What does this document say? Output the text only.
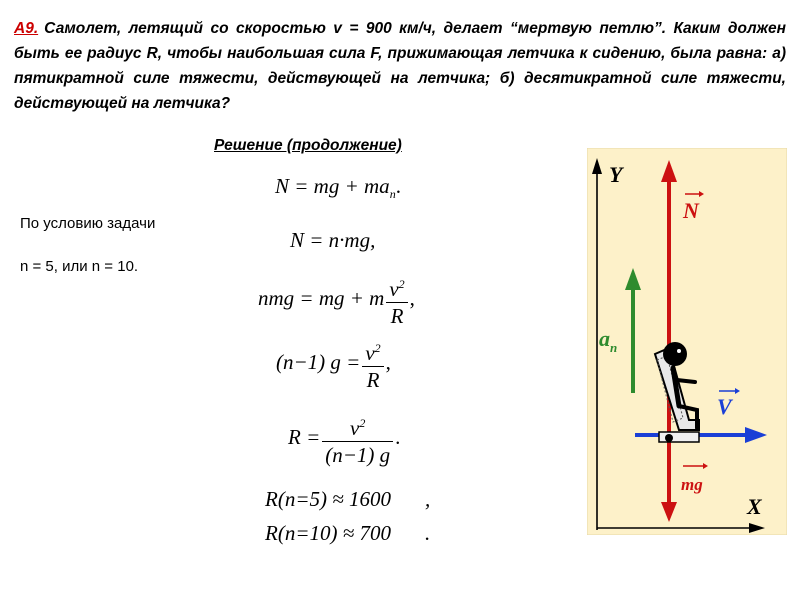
А9. Самолет, летящий со скоростью v = 900 км/ч, делает “мертвую петлю”. Каким должен быть ее радиус R, чтобы наибольшая сила F, прижимающая летчика к сидению, была равна: а) пятикратной силе тяжести, действующей на летчика; б) десятикратной силе тяжести, действующей на летчика?
Решение (продолжение)
По условию задачи
n = 5, или n = 10.
N = mg + $ma_n$.
N = n·mg,
nmg = mg + m $\frac{v^2}{R}$ ,
(n−1) $g = \frac{v^2}{R}$ ,
$R = \frac{v^2}{(n-1) g}$ .
R(n=5) ≈ 1600 ,
R(n=10) ≈ 700 .
Y
X
N
mg
$a_n$
V
